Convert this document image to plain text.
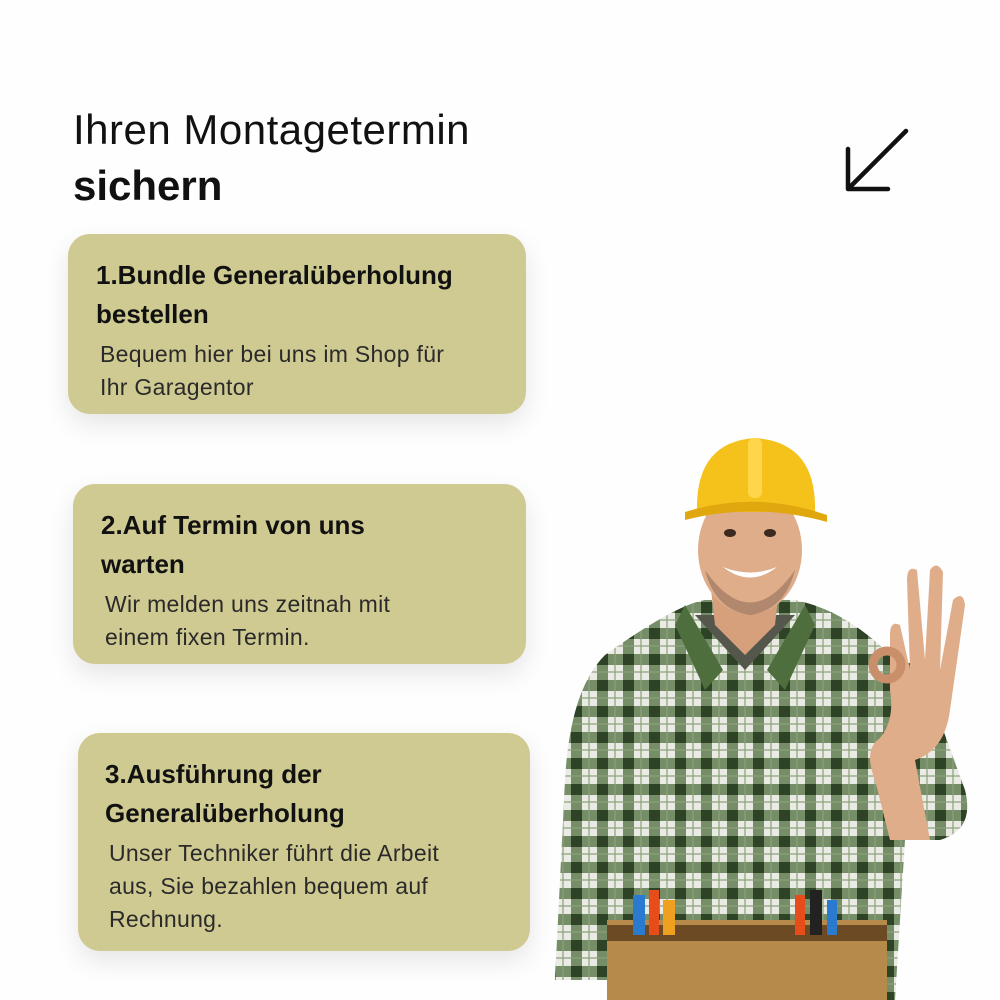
Ihren Montagetermin
sichern
1.Bundle Generalüberholung
bestellen
Bequem hier bei uns im Shop für
Ihr Garagentor
2.Auf Termin von uns
warten
Wir melden uns zeitnah mit
einem fixen Termin.
3.Ausführung der
Generalüberholung
Unser Techniker führt die Arbeit
aus, Sie bezahlen bequem auf
Rechnung.
